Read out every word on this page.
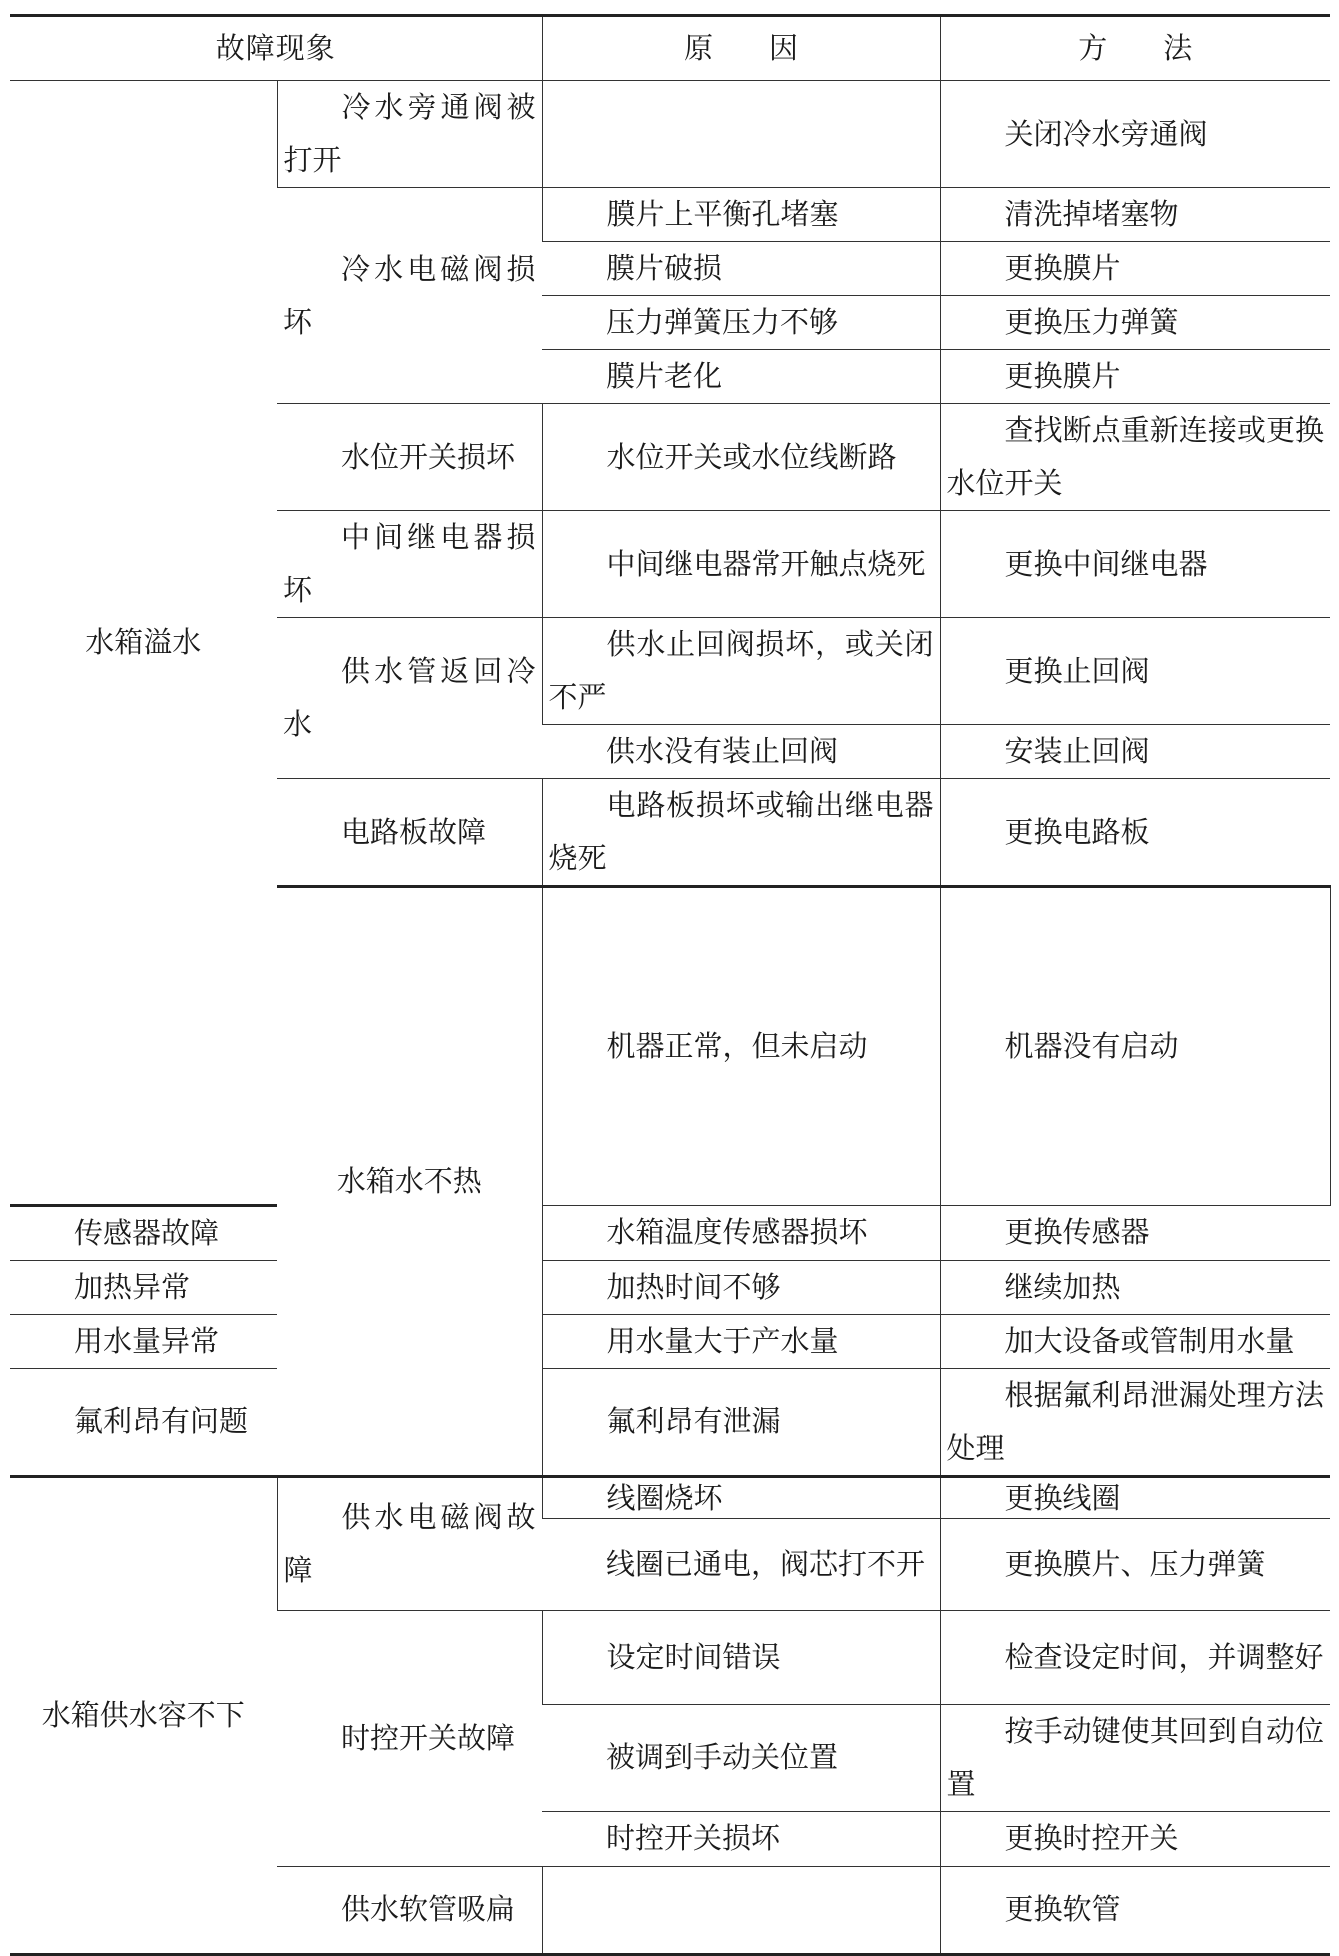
故障现象		原因	方法	
水箱溢水	冷水旁通阀被打开		关闭冷水旁通阀	
	冷水电磁阀损坏	膜片上平衡孔堵塞	清洗掉堵塞物	
		膜片破损	更换膜片	
		压力弹簧压力不够	更换压力弹簧	
		膜片老化	更换膜片	
	水位开关损坏	水位开关或水位线断路	查找断点重新连接或更换水位开关	
	中间继电器损坏	中间继电器常开触点烧死	更换中间继电器	
	供水管返回冷水	供水止回阀损坏，或关闭不严	更换止回阀	
		供水没有装止回阀	安装止回阀	
	电路板故障	电路板损坏或输出继电器烧死	更换电路板	
	水箱水不热	机器正常，但未启动	机器没有启动	
传感器故障		水箱温度传感器损坏	更换传感器	
加热异常		加热时间不够	继续加热	
用水量异常		用水量大于产水量	加大设备或管制用水量	
氟利昂有问题		氟利昂有泄漏	根据氟利昂泄漏处理方法处理	
水箱供水容不下	供水电磁阀故障	线圈烧坏	更换线圈	
		线圈已通电，阀芯打不开	更换膜片、压力弹簧	
	时控开关故障	设定时间错误	检查设定时间，并调整好	
		被调到手动关位置	按手动键使其回到自动位置	
		时控开关损坏	更换时控开关	
	供水软管吸扁		更换软管	
